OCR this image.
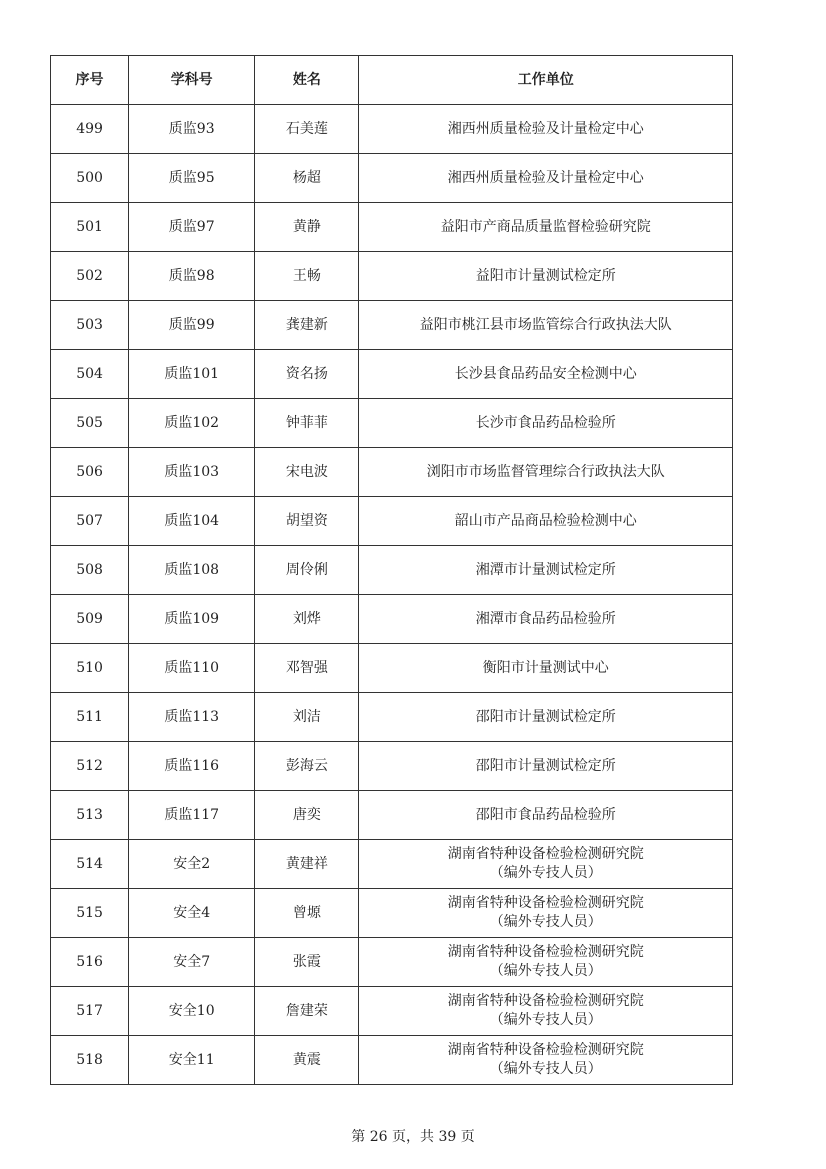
序号	学科号	姓名	工作单位
499	质监93	石美莲	湘西州质量检验及计量检定中心

500	质监95	杨超	湘西州质量检验及计量检定中心

501	质监97	黄静	益阳市产商品质量监督检验研究院

502	质监98	王畅	益阳市计量测试检定所

503	质监99	龚建新	益阳市桃江县市场监管综合行政执法大队

504	质监101	资名扬	长沙县食品药品安全检测中心

505	质监102	钟菲菲	长沙市食品药品检验所

506	质监103	宋电波	浏阳市市场监督管理综合行政执法大队

507	质监104	胡望资	韶山市产品商品检验检测中心

508	质监108	周伶俐	湘潭市计量测试检定所

509	质监109	刘烨	湘潭市食品药品检验所

510	质监110	邓智强	衡阳市计量测试中心

511	质监113	刘洁	邵阳市计量测试检定所

512	质监116	彭海云	邵阳市计量测试检定所

513	质监117	唐奕	邵阳市食品药品检验所

514	安全2	黄建祥	湖南省特种设备检验检测研究院
（编外专技人员）

515	安全4	曾塬	湖南省特种设备检验检测研究院
（编外专技人员）

516	安全7	张霞	湖南省特种设备检验检测研究院
（编外专技人员）

517	安全10	詹建荣	湖南省特种设备检验检测研究院
（编外专技人员）

518	安全11	黄震	湖南省特种设备检验检测研究院
（编外专技人员）
第 26 页，共 39 页
